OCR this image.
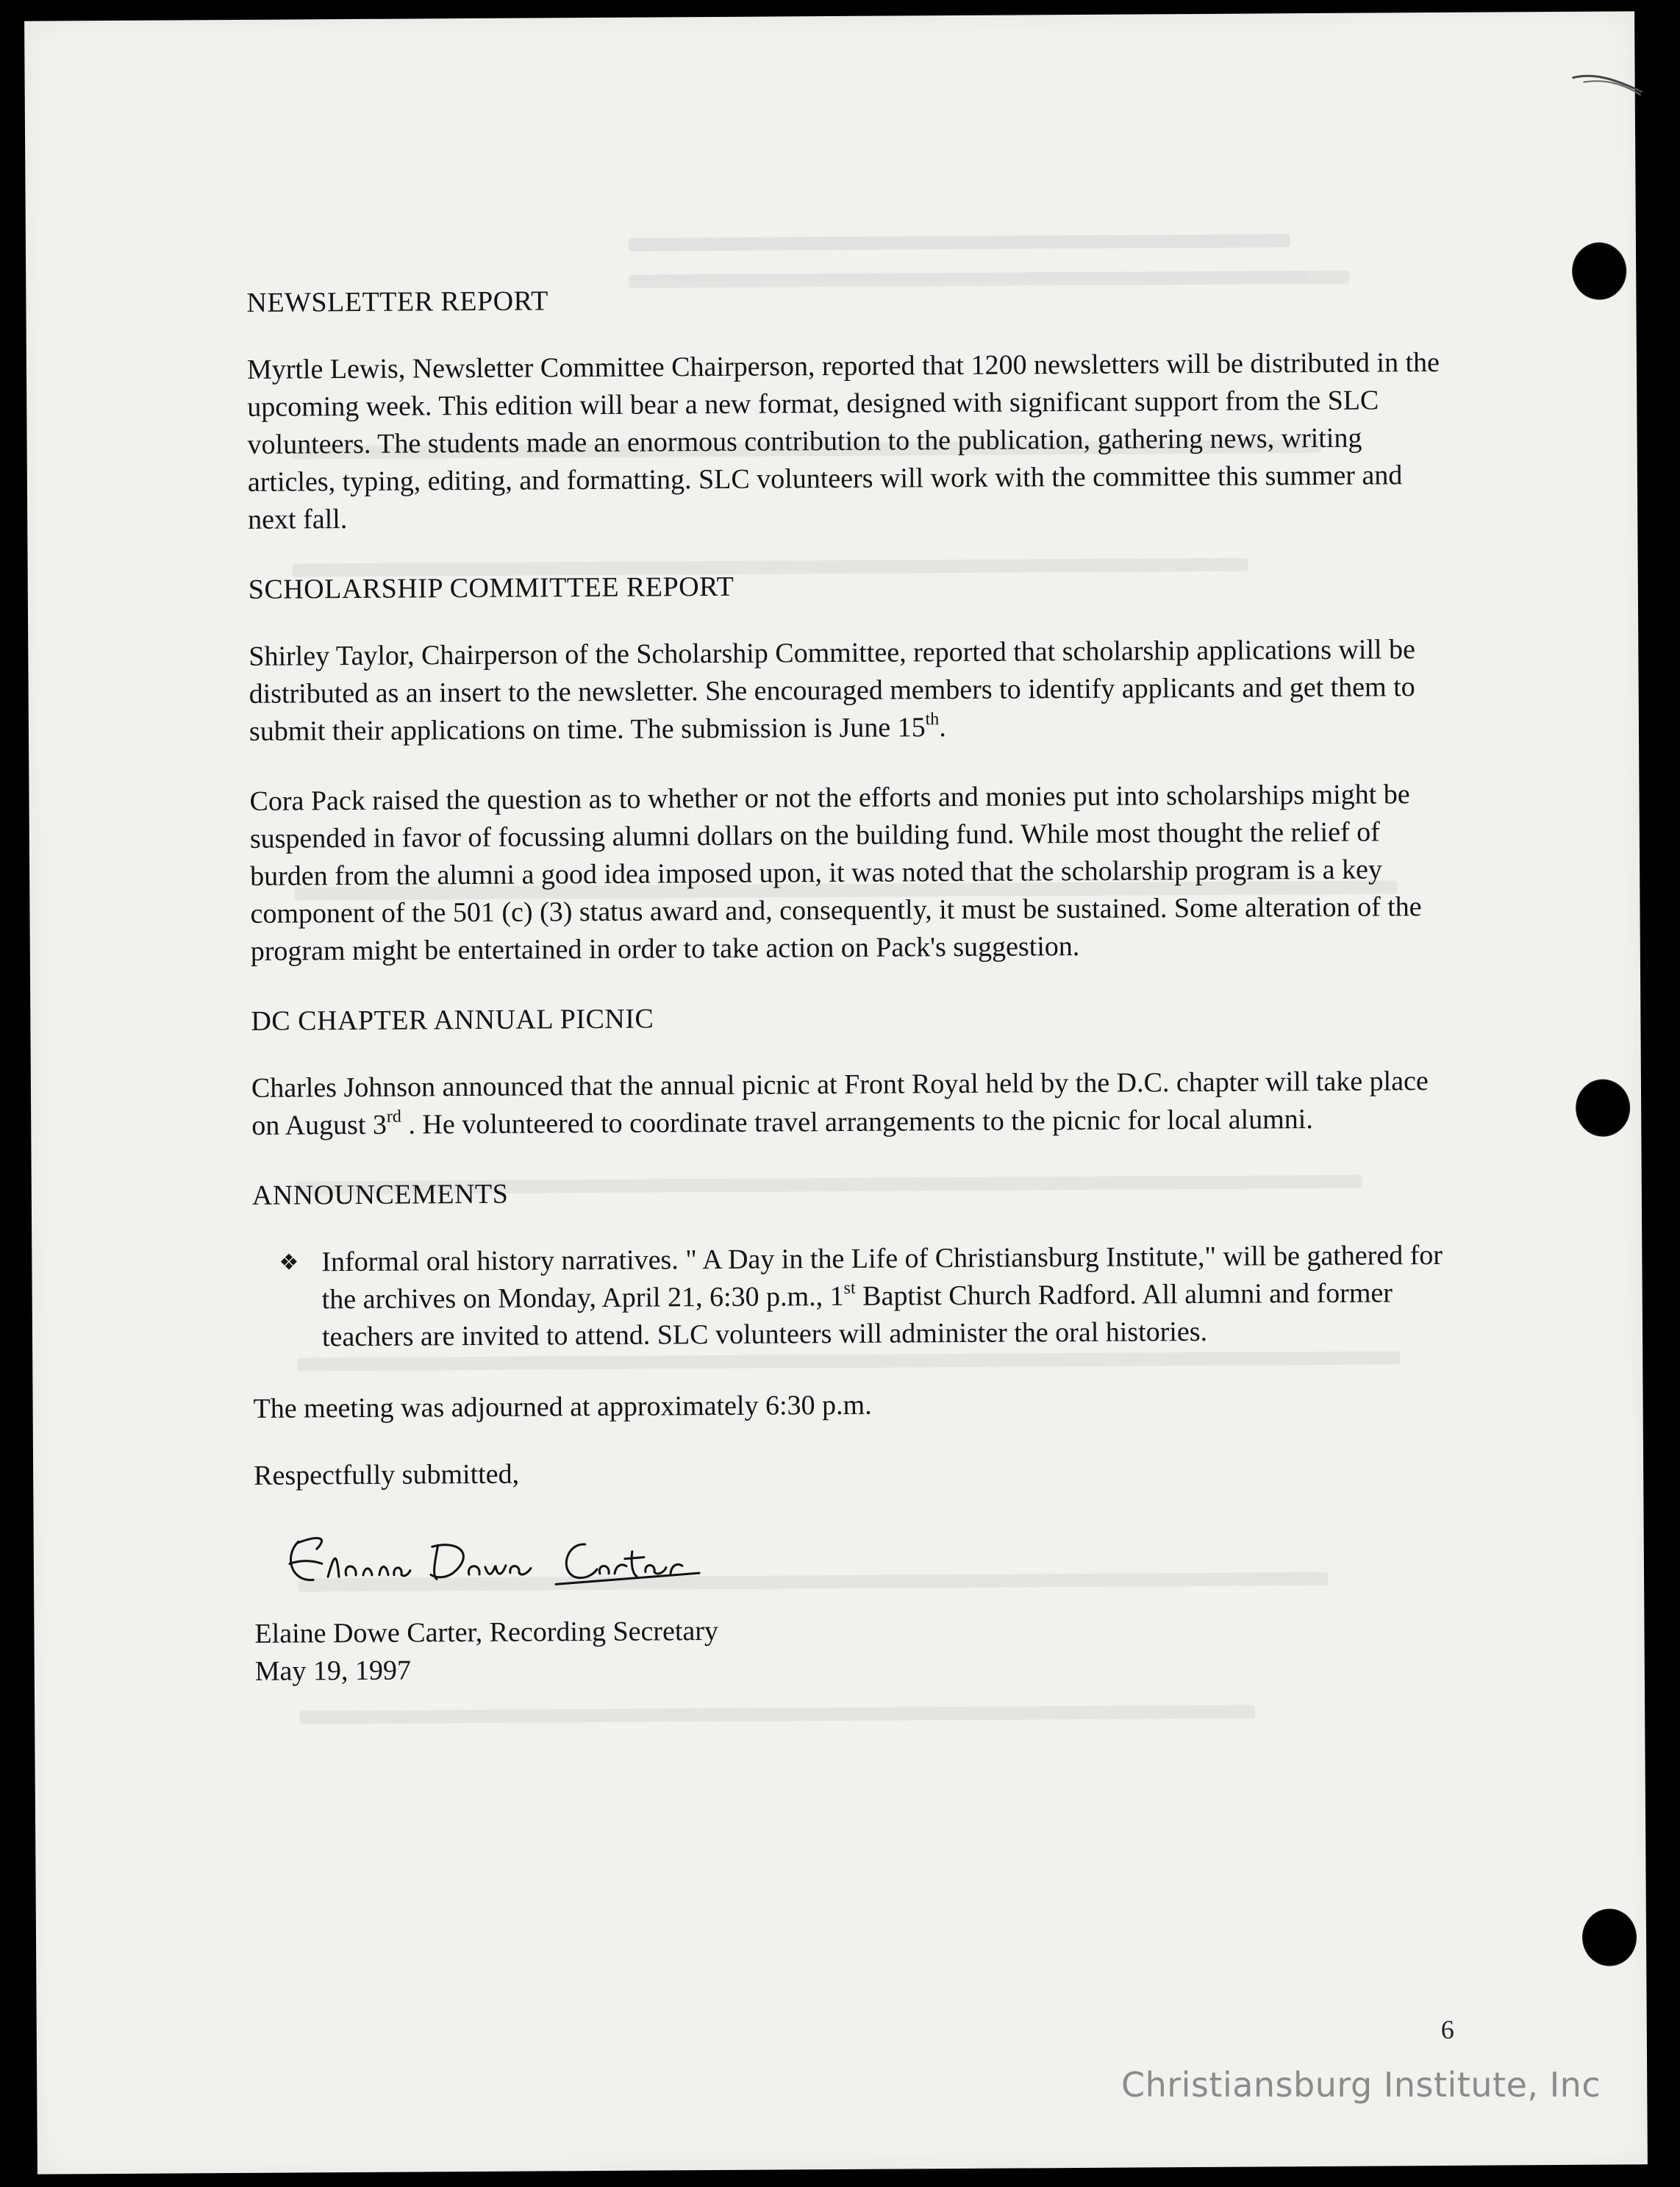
NEWSLETTER REPORT

Myrtle Lewis, Newsletter Committee Chairperson, reported that 1200 newsletters will be distributed in the upcoming week. This edition will bear a new format, designed with significant support from the SLC volunteers. The students made an enormous contribution to the publication, gathering news, writing articles, typing, editing, and formatting. SLC volunteers will work with the committee this summer and next fall.

SCHOLARSHIP COMMITTEE REPORT

Shirley Taylor, Chairperson of the Scholarship Committee, reported that scholarship applications will be distributed as an insert to the newsletter. She encouraged members to identify applicants and get them to submit their applications on time. The submission is June 15th.

Cora Pack raised the question as to whether or not the efforts and monies put into scholarships might be suspended in favor of focussing alumni dollars on the building fund. While most thought the relief of burden from the alumni a good idea imposed upon, it was noted that the scholarship program is a key component of the 501 (c) (3) status award and, consequently, it must be sustained. Some alteration of the program might be entertained in order to take action on Pack's suggestion.

DC CHAPTER ANNUAL PICNIC

Charles Johnson announced that the annual picnic at Front Royal held by the D.C. chapter will take place on August 3rd . He volunteered to coordinate travel arrangements to the picnic for local alumni.

ANNOUNCEMENTS
❖ Informal oral history narratives. " A Day in the Life of Christiansburg Institute," will be gathered for the archives on Monday, April 21, 6:30 p.m., 1st Baptist Church Radford. All alumni and former teachers are invited to attend. SLC volunteers will administer the oral histories.

The meeting was adjourned at approximately 6:30 p.m.

Respectfully submitted,

Elaine Dowe Carter, Recording Secretary

May 19, 1997

6
Christiansburg Institute, Inc
